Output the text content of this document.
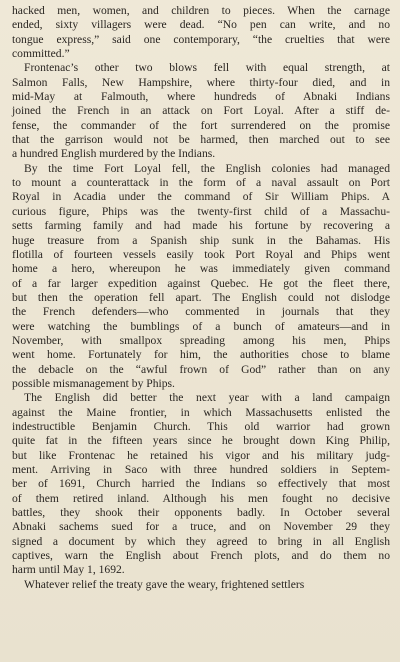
hacked men, women, and children to pieces. When the carnage
ended, sixty villagers were dead. “No pen can write, and no
tongue express,” said one contemporary, “the cruelties that were
committed.”
Frontenac’s other two blows fell with equal strength, at
Salmon Falls, New Hampshire, where thirty-four died, and in
mid-May at Falmouth, where hundreds of Abnaki Indians
joined the French in an attack on Fort Loyal. After a stiff de-
fense, the commander of the fort surrendered on the promise
that the garrison would not be harmed, then marched out to see
a hundred English murdered by the Indians.
By the time Fort Loyal fell, the English colonies had managed
to mount a counterattack in the form of a naval assault on Port
Royal in Acadia under the command of Sir William Phips. A
curious figure, Phips was the twenty-first child of a Massachu-
setts farming family and had made his fortune by recovering a
huge treasure from a Spanish ship sunk in the Bahamas. His
flotilla of fourteen vessels easily took Port Royal and Phips went
home a hero, whereupon he was immediately given command
of a far larger expedition against Quebec. He got the fleet there,
but then the operation fell apart. The English could not dislodge
the French defenders—who commented in journals that they
were watching the bumblings of a bunch of amateurs—and in
November, with smallpox spreading among his men, Phips
went home. Fortunately for him, the authorities chose to blame
the debacle on the “awful frown of God” rather than on any
possible mismanagement by Phips.
The English did better the next year with a land campaign
against the Maine frontier, in which Massachusetts enlisted the
indestructible Benjamin Church. This old warrior had grown
quite fat in the fifteen years since he brought down King Philip,
but like Frontenac he retained his vigor and his military judg-
ment. Arriving in Saco with three hundred soldiers in Septem-
ber of 1691, Church harried the Indians so effectively that most
of them retired inland. Although his men fought no decisive
battles, they shook their opponents badly. In October several
Abnaki sachems sued for a truce, and on November 29 they
signed a document by which they agreed to bring in all English
captives, warn the English about French plots, and do them no
harm until May 1, 1692.
Whatever relief the treaty gave the weary, frightened settlers
